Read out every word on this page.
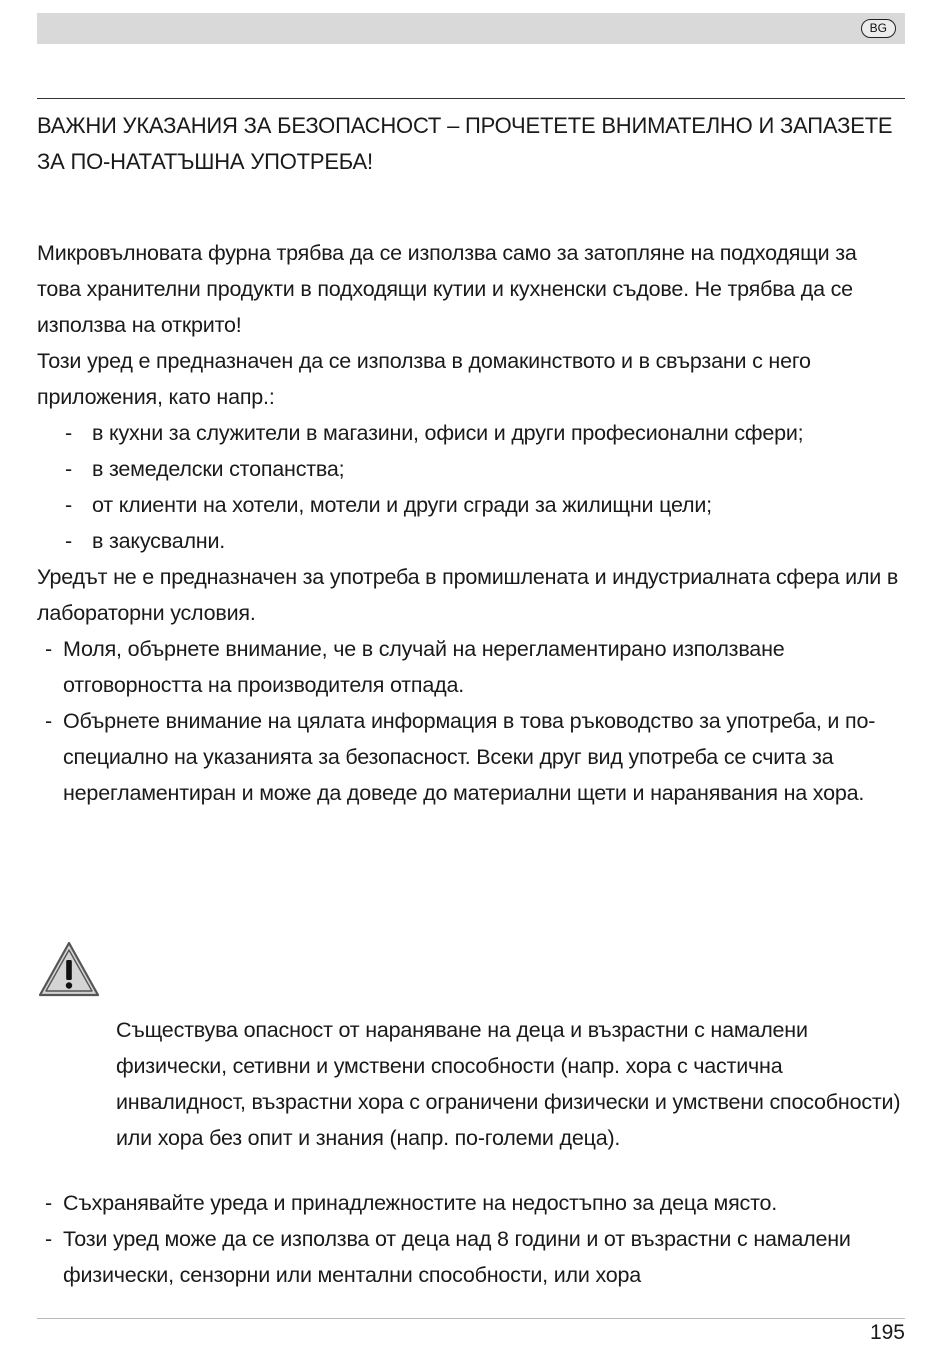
BG
ВАЖНИ УКАЗАНИЯ ЗА БЕЗОПАСНОСТ – ПРОЧЕТЕТЕ ВНИМАТЕЛНО И ЗАПАЗЕТЕ ЗА ПО-НАТАТЪШНА УПОТРЕБА!

Микровълновата фурна трябва да се използва само за затопляне на подходящи за това хранителни продукти в подходящи кутии и кухненски съдове. Не трябва да се използва на открито!

Този уред е предназначен да се използва в домакинството и в свързани с него приложения, като напр.:

- в кухни за служители в магазини, офиси и други професионални сфери;
- в земеделски стопанства;
- от клиенти на хотели, мотели и други сгради за жилищни цели;
- в закусвални.

Уредът не е предназначен за употреба в промишлената и индустриалната сфера или в лабораторни условия.

- Моля, обърнете внимание, че в случай на нерегламентирано използване отговорността на производителя отпада.
- Обърнете внимание на цялата информация в това ръководство за употреба, и по-специално на указанията за безопасност. Всеки друг вид употреба се счита за нерегламентиран и може да доведе до материални щети и наранявания на хора.

Съществува опасност от нараняване на деца и възрастни с намалени физически, сетивни и умствени способности (напр. хора с частична инвалидност, възрастни хора с ограничени физически и умствени способности) или хора без опит и знания (напр. по-големи деца).

- Съхранявайте уреда и принадлежностите на недостъпно за деца място.
- Този уред може да се използва от деца над 8 години и от възрастни с намалени физически, сензорни или ментални способности, или хора
195
